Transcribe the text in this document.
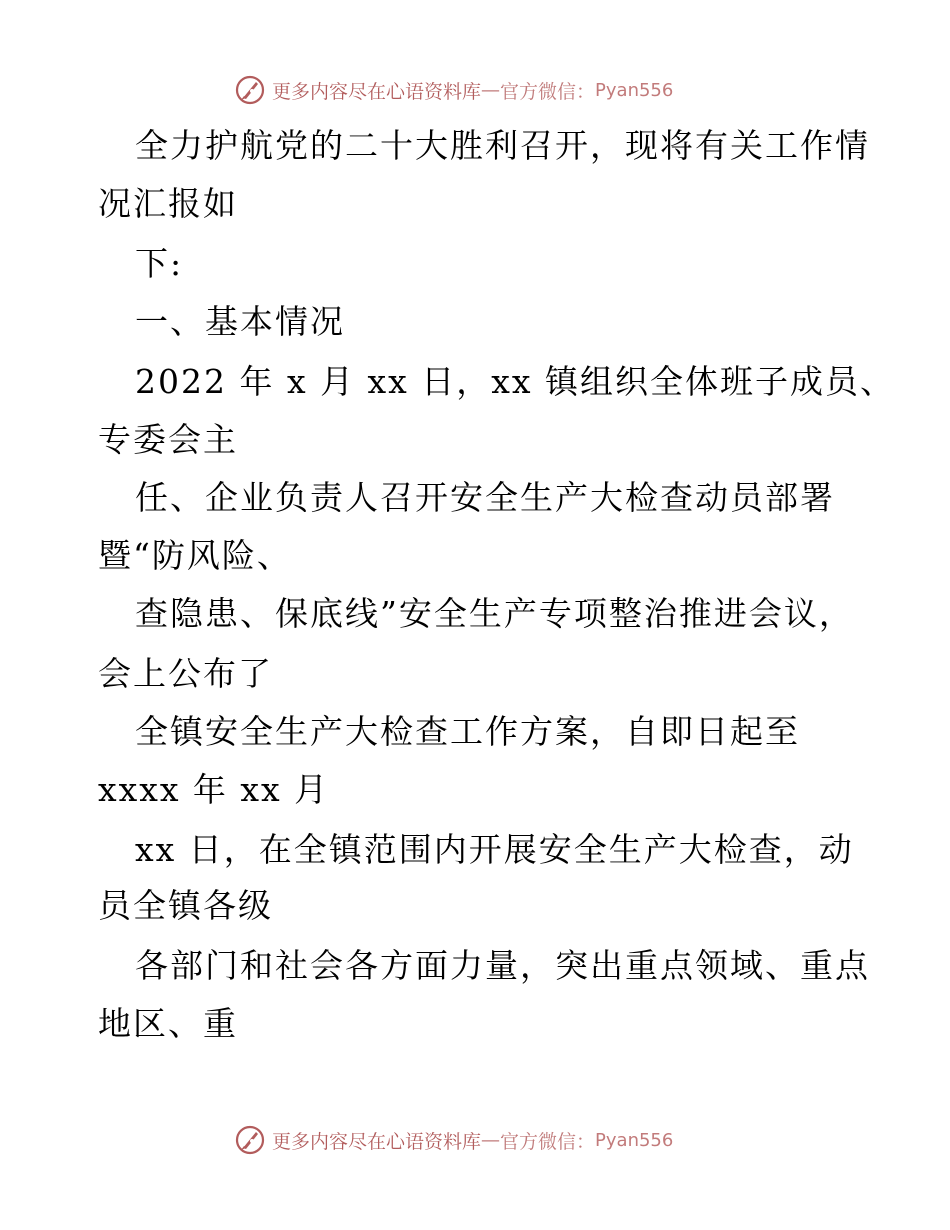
更多内容尽在心语资料库 — 官方微信： Pyan556
全力护航党的二十大胜利召开，现将有关工作情
况汇报如
下:
一、基本情况
2022 年 x 月 xx 日，xx 镇组织全体班子成员、
专委会主
任、企业负责人召开安全生产大检查动员部署
暨“防风险、
查隐患、保底线”安全生产专项整治推进会议，
会上公布了
全镇安全生产大检查工作方案，自即日起至
xxxx 年 xx 月
xx 日，在全镇范围内开展安全生产大检查，动
员全镇各级
各部门和社会各方面力量，突出重点领域、重点
地区、重
更多内容尽在心语资料库 — 官方微信： Pyan556
